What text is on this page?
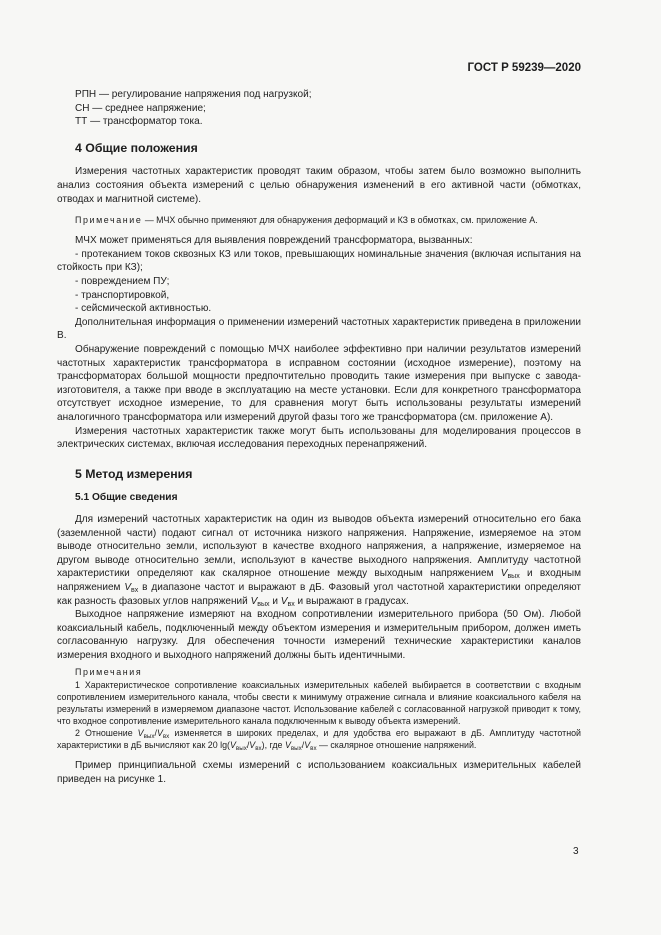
ГОСТ Р 59239—2020
РПН — регулирование напряжения под нагрузкой;
СН — среднее напряжение;
ТТ — трансформатор тока.
4 Общие положения

Измерения частотных характеристик проводят таким образом, чтобы затем было возможно выполнить анализ состояния объекта измерений с целью обнаружения изменений в его активной части (обмотках, отводах и магнитной системе).

Примечание — МЧХ обычно применяют для обнаружения деформаций и КЗ в обмотках, см. приложение А.

МЧХ может применяться для выявления повреждений трансформатора, вызванных:

- протеканием токов сквозных КЗ или токов, превышающих номинальные значения (включая испытания на стойкость при КЗ);

- повреждением ПУ;

- транспортировкой,

- сейсмической активностью.

Дополнительная информация о применении измерений частотных характеристик приведена в приложении В.

Обнаружение повреждений с помощью МЧХ наиболее эффективно при наличии результатов измерений частотных характеристик трансформатора в исправном состоянии (исходное измерение), поэтому на трансформаторах большой мощности предпочтительно проводить такие измерения при выпуске с завода-изготовителя, а также при вводе в эксплуатацию на месте установки. Если для конкретного трансформатора отсутствует исходное измерение, то для сравнения могут быть использованы результаты измерений аналогичного трансформатора или измерений другой фазы того же трансформатора (см. приложение А).

Измерения частотных характеристик также могут быть использованы для моделирования процессов в электрических системах, включая исследования переходных перенапряжений.

5 Метод измерения
5.1 Общие сведения

Для измерений частотных характеристик на один из выводов объекта измерений относительно его бака (заземленной части) подают сигнал от источника низкого напряжения. Напряжение, измеряемое на этом выводе относительно земли, используют в качестве входного напряжения, а напряжение, измеряемое на другом выводе относительно земли, используют в качестве выходного напряжения. Амплитуду частотной характеристики определяют как скалярное отношение между выходным напряжением $V_{вых}$ и входным напряжением $V_{вх}$ в диапазоне частот и выражают в дБ. Фазовый угол частотной характеристики определяют как разность фазовых углов напряжений $V_{вых}$ и $V_{вх}$ и выражают в градусах.

Выходное напряжение измеряют на входном сопротивлении измерительного прибора (50 Ом). Любой коаксиальный кабель, подключенный между объектом измерения и измерительным прибором, должен иметь согласованную нагрузку. Для обеспечения точности измерений технические характеристики каналов измерения входного и выходного напряжений должны быть идентичными.

Примечания

1 Характеристическое сопротивление коаксиальных измерительных кабелей выбирается в соответствии с входным сопротивлением измерительного канала, чтобы свести к минимуму отражение сигнала и влияние коаксиального кабеля на результаты измерений в измеряемом диапазоне частот. Использование кабелей с согласованной нагрузкой приводит к тому, что входное сопротивление измерительного канала подключенным к выводу объекта измерений.

2 Отношение $V_{вых}/V_{вх}$ изменяется в широких пределах, и для удобства его выражают в дБ. Амплитуду частотной характеристики в дБ вычисляют как 20 $\lg(V_{вых}/V_{вх})$, где $V_{вых}/V_{вх}$ — скалярное отношение напряжений.

Пример принципиальной схемы измерений с использованием коаксиальных измерительных кабелей приведен на рисунке 1.

3
